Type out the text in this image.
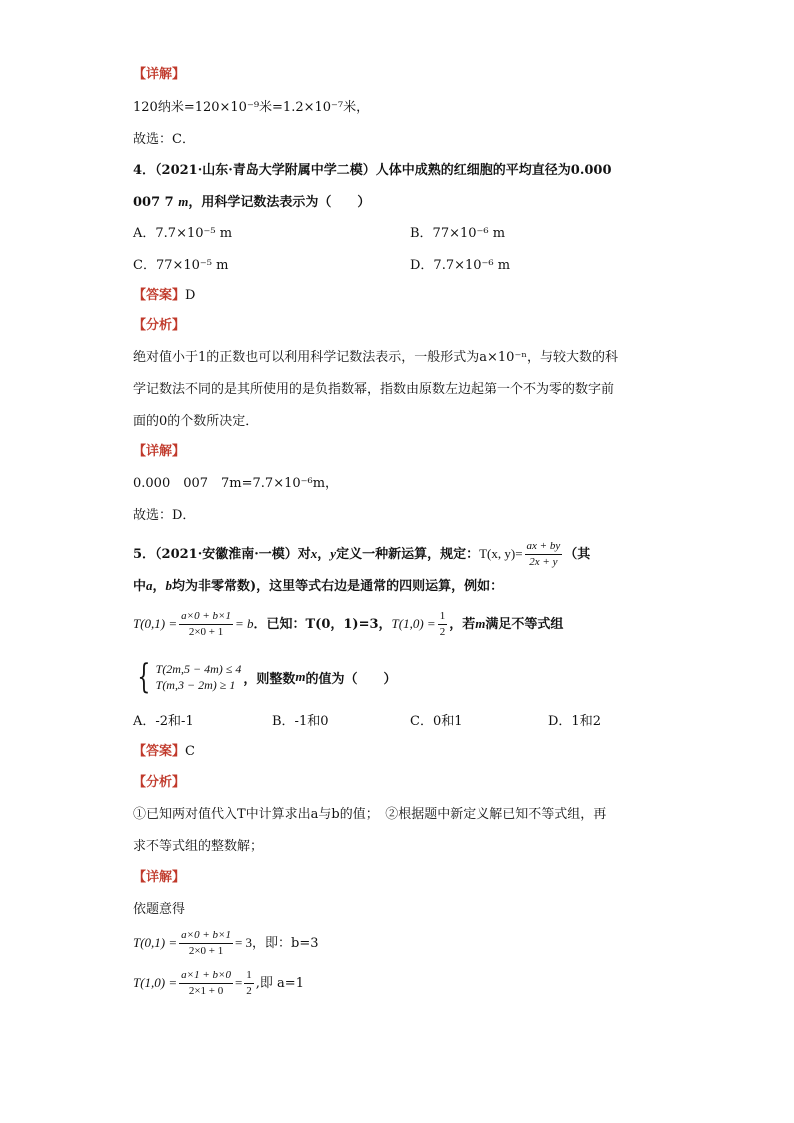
【详解】
120纳米=120×10⁻⁹米=1.2×10⁻⁷米，
故选：C．
4．（2021·山东·青岛大学附属中学二模）人体中成熟的红细胞的平均直径为0.000
007 7 m，用科学记数法表示为（　　）
A．7.7×10⁻⁵ m	B．77×10⁻⁶ m
C．77×10⁻⁵ m	D．7.7×10⁻⁶ m
【答案】D
【分析】
绝对值小于1的正数也可以利用科学记数法表示，一般形式为a×10⁻ⁿ，与较大数的科
学记数法不同的是其所使用的是负指数幂，指数由原数左边起第一个不为零的数字前
面的0的个数所决定．
【详解】
0.000　007　7m=7.7×10⁻⁶m，
故选：D．
5．（2021·安徽淮南·一模）对x，y定义一种新运算，规定：T(x, $y)= \frac{ax + by}{2x + y}$ （其
中a，b均为非零常数)，这里等式右边是通常的四则运算，例如：
$T(0,1) = \frac{a\times 0 + b\times 1}{2\times 0 + 1} = b$．已知：T(0，1)=3，$T(1,0) = \frac{1}{2}$ ，若m满足不等式组
{ T(2m,5 − 4m) ≤ 4
T(m,3 − 2m) ≥ 1 ，则整数 m 的值为（　　）
A．-2和-1	B．-1和0	C．0和1	D．1和2
【答案】C
【分析】
①已知两对值代入T中计算求出a与b的值；　②根据题中新定义解已知不等式组，再
求不等式组的整数解；
【详解】
依题意得
$T(0,1) = \frac{a\times 0 + b\times 1}{2\times 0 + 1} = 3$，即：b=3
$T(1,0) = \frac{a\times 1 + b\times 0}{2\times 1 + 0} = \frac{1}{2}$ ,即 a=1
